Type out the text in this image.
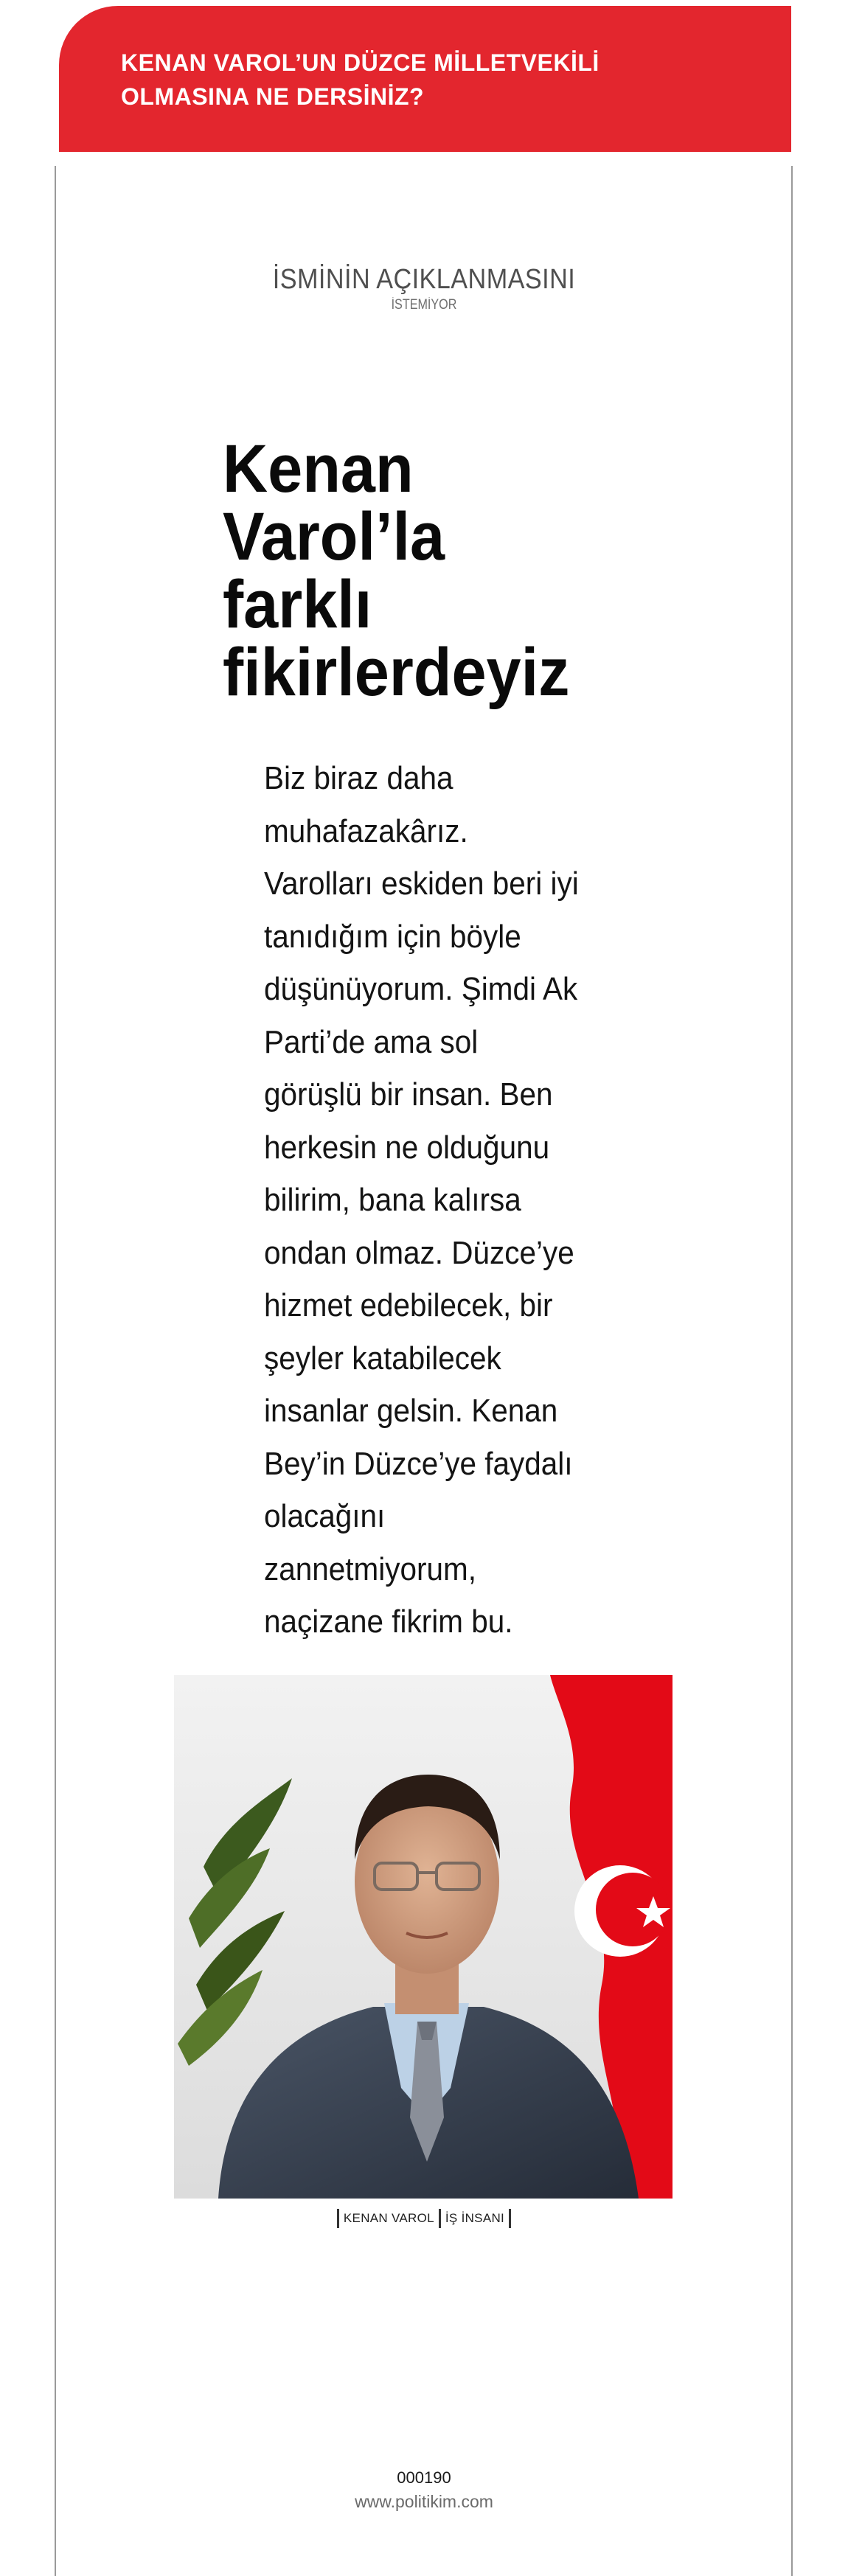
KENAN VAROL’UN DÜZCE MİLLETVEKİLİ OLMASINA NE DERSİNİZ?
İSMİNİN AÇIKLANMASINI
İSTEMİYOR
Kenan Varol’la farklı fikirlerdeyiz

Biz biraz daha muhafazakârız. Varolları eskiden beri iyi tanıdığım için böyle düşünüyorum. Şimdi Ak Parti’de ama sol görüşlü bir insan. Ben herkesin ne olduğunu bilirim, bana kalırsa ondan olmaz. Düzce’ye hizmet edebilecek, bir şeyler katabilecek insanlar gelsin. Kenan Bey’in Düzce’ye faydalı olacağını zannetmiyorum, naçizane fikrim bu.

KENAN VAROL İŞ İNSANI
000190
www.politikim.com
